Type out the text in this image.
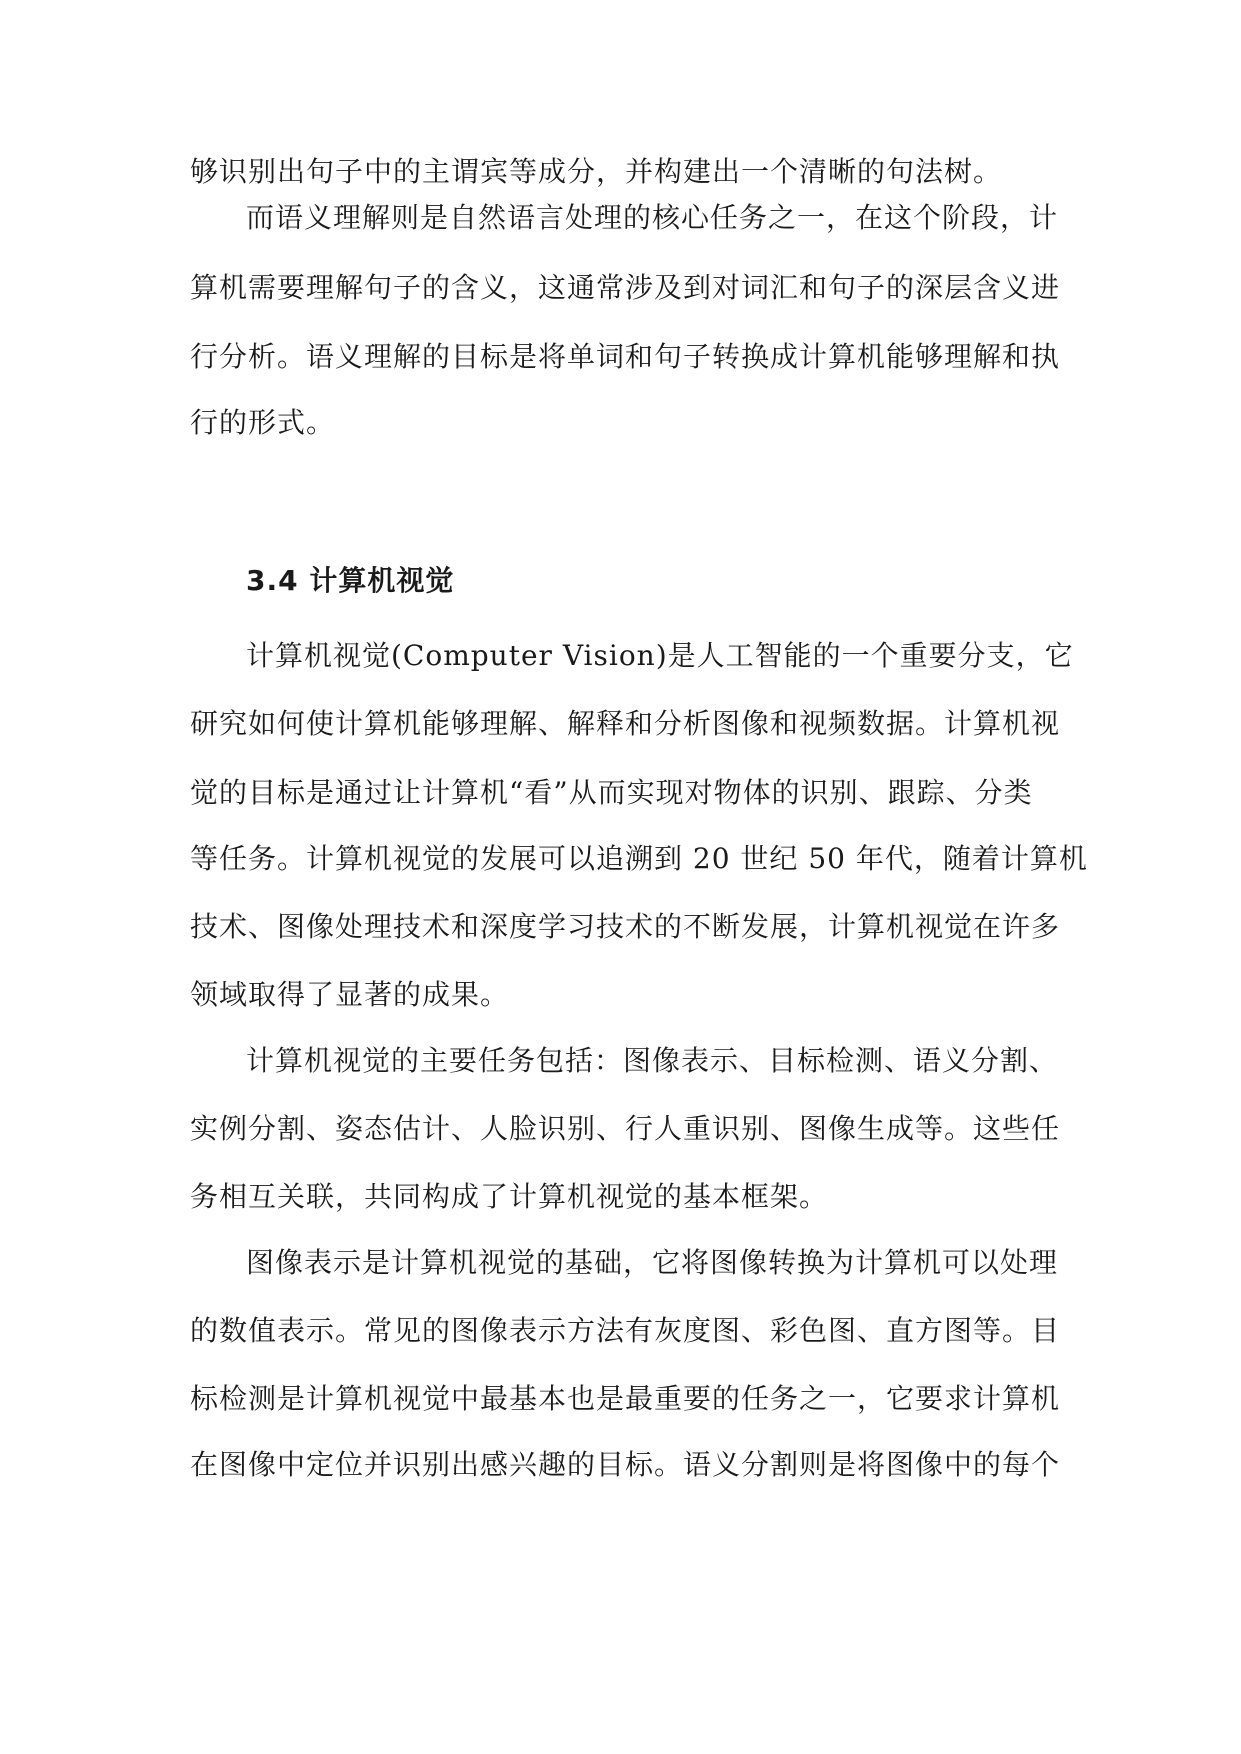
够识别出句子中的主谓宾等成分，并构建出一个清晰的句法树。
而语义理解则是自然语言处理的核心任务之一，在这个阶段，计
算机需要理解句子的含义，这通常涉及到对词汇和句子的深层含义进
行分析。语义理解的目标是将单词和句子转换成计算机能够理解和执
行的形式。
3.4 计算机视觉
计算机视觉(Computer Vision)是人工智能的一个重要分支，它
研究如何使计算机能够理解、解释和分析图像和视频数据。计算机视
觉的目标是通过让计算机“看”从而实现对物体的识别、跟踪、分类
等任务。计算机视觉的发展可以追溯到 20 世纪 50 年代，随着计算机
技术、图像处理技术和深度学习技术的不断发展，计算机视觉在许多
领域取得了显著的成果。
计算机视觉的主要任务包括：图像表示、目标检测、语义分割、
实例分割、姿态估计、人脸识别、行人重识别、图像生成等。这些任
务相互关联，共同构成了计算机视觉的基本框架。
图像表示是计算机视觉的基础，它将图像转换为计算机可以处理
的数值表示。常见的图像表示方法有灰度图、彩色图、直方图等。目
标检测是计算机视觉中最基本也是最重要的任务之一，它要求计算机
在图像中定位并识别出感兴趣的目标。语义分割则是将图像中的每个
